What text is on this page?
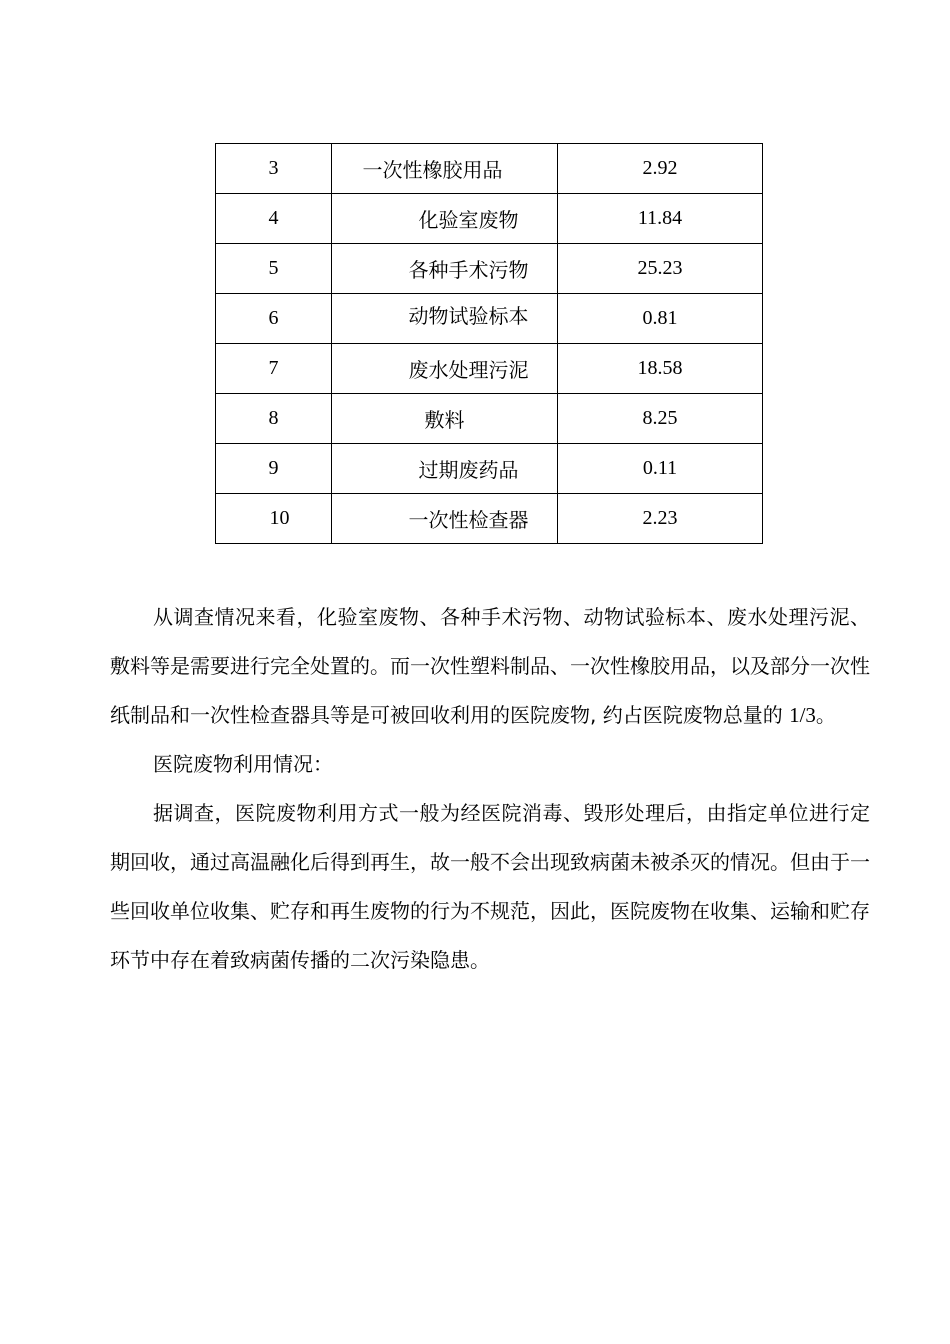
3	一次性橡胶用品	2.92
4	化验室废物	11.84
5	各种手术污物	25.23
6	动物试验标本	0.81
7	废水处理污泥	18.58
8	敷料	8.25
9	过期废药品	0.11
10	一次性检查器	2.23

从调查情况来看，化验室废物、各种手术污物、动物试验标本、废水处理污泥、敷料等是需要进行完全处置的。而一次性塑料制品、一次性橡胶用品，以及部分一次性纸制品和一次性检查器具等是可被回收利用的医院废物, 约占医院废物总量的 1/3。

医院废物利用情况：

据调查，医院废物利用方式一般为经医院消毒、毁形处理后，由指定单位进行定期回收，通过高温融化后得到再生，故一般不会出现致病菌未被杀灭的情况。但由于一些回收单位收集、贮存和再生废物的行为不规范，因此，医院废物在收集、运输和贮存环节中存在着致病菌传播的二次污染隐患。
